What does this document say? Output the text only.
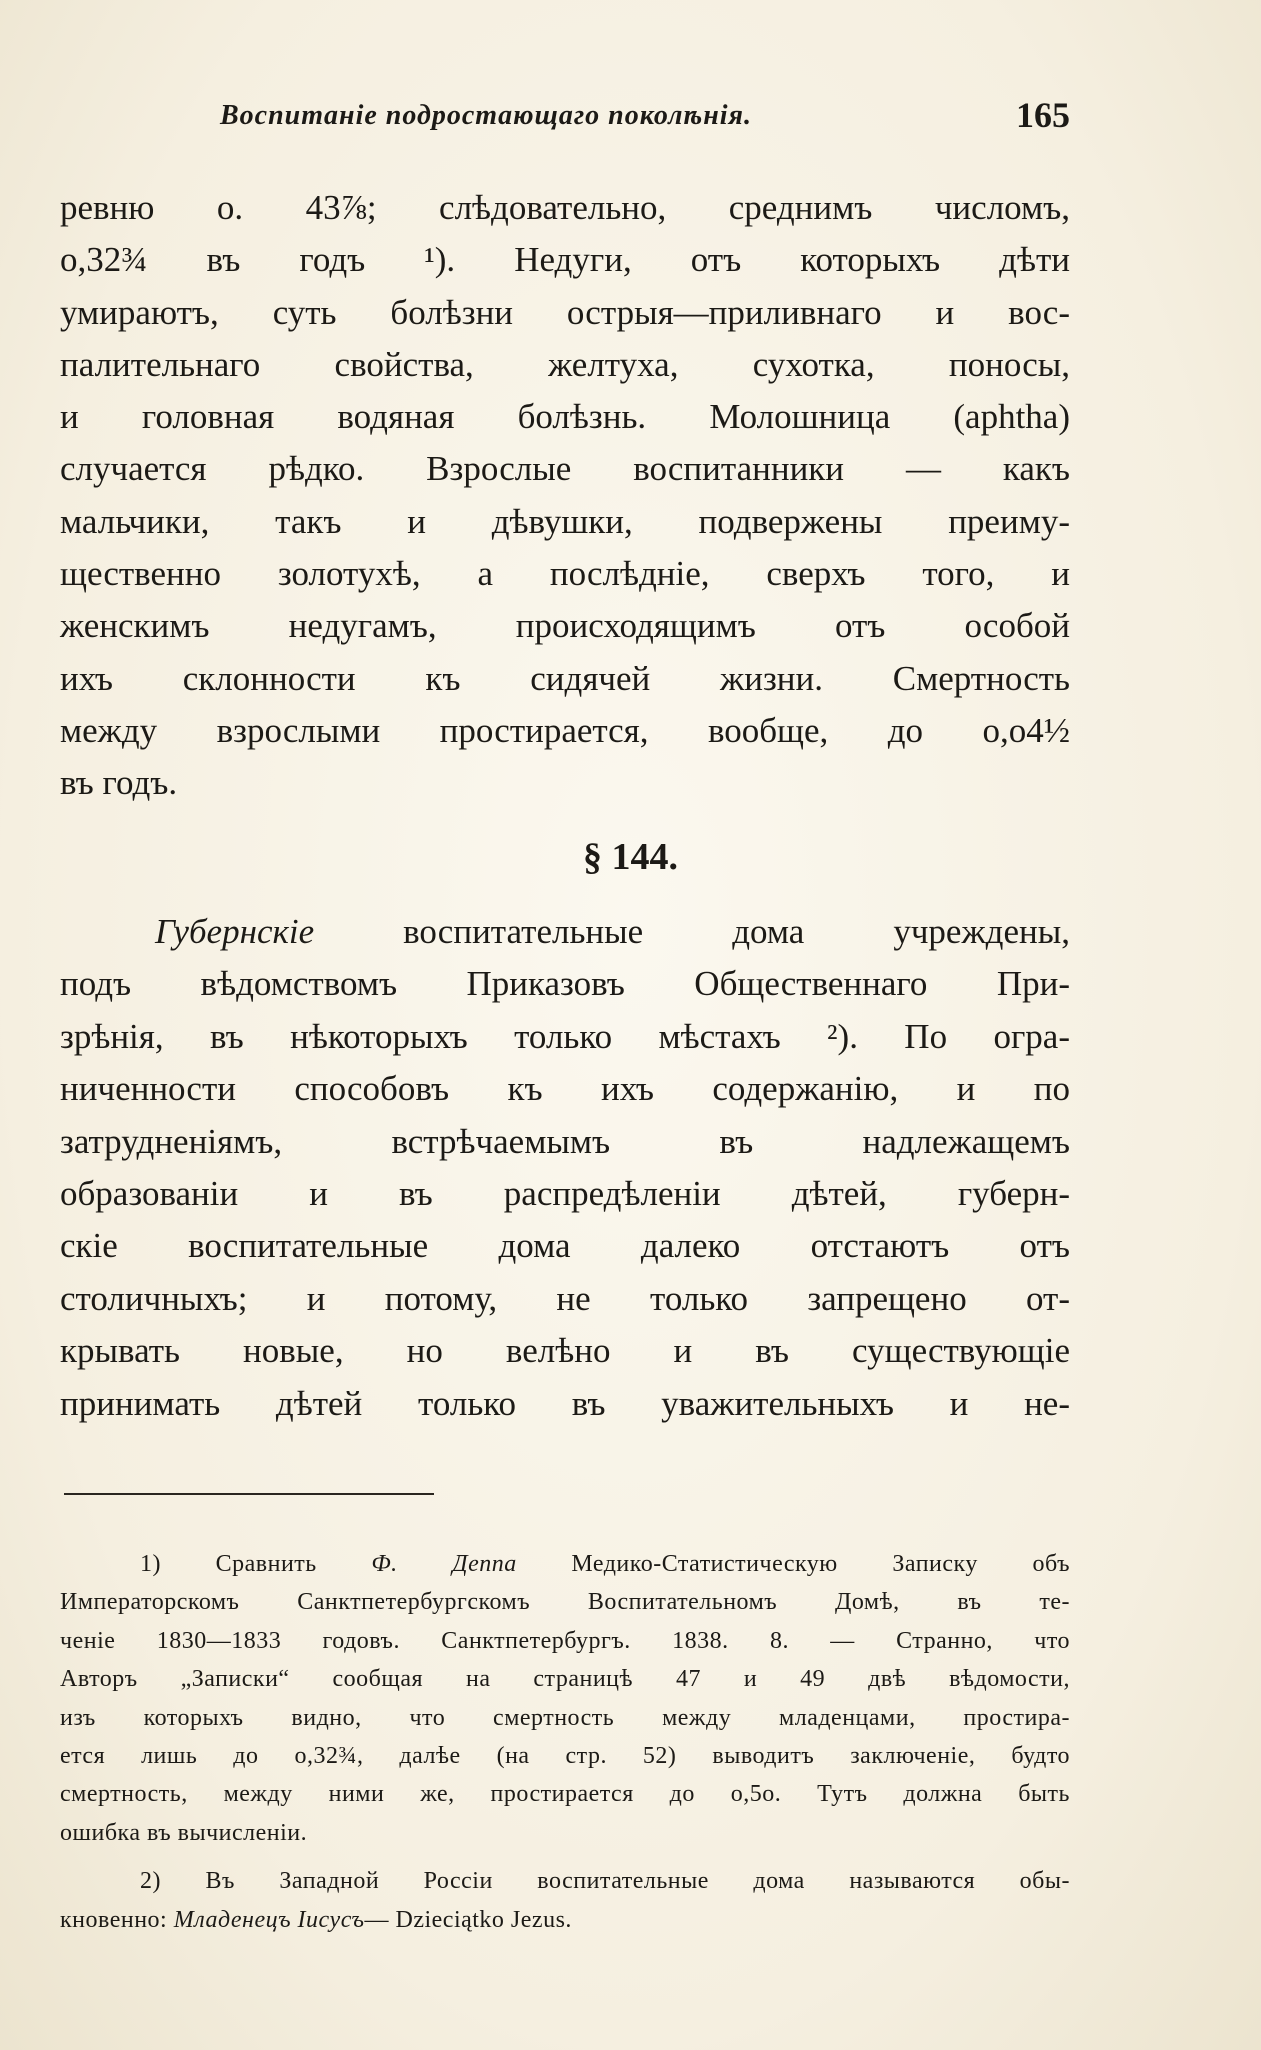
Воспитаніе подростающаго поколѣнія.	165
ревню о. 43⅞; слѣдовательно, среднимъ числомъ,
о,32¾ въ годъ ¹). Недуги, отъ которыхъ дѣти
умираютъ, суть болѣзни острыя—приливнаго и вос-
палительнаго свойства, желтуха, сухотка, поносы,
и головная водяная болѣзнь. Молошница (aphtha)
случается рѣдко. Взрослые воспитанники — какъ
мальчики, такъ и дѣвушки, подвержены преиму-
щественно золотухѣ, а послѣдніе, сверхъ того, и
женскимъ недугамъ, происходящимъ отъ особой
ихъ склонности къ сидячей жизни. Смертность
между взрослыми простирается, вообще, до о,о4½
въ годъ.
§ 144.
Губернскіе	воспитательные дома учреждены,
подъ вѣдомствомъ Приказовъ Общественнаго При-
зрѣнія, въ нѣкоторыхъ только мѣстахъ ²). По огра-
ниченности способовъ къ ихъ содержанію, и по
затрудненіямъ, встрѣчаемымъ въ надлежащемъ
образованіи и въ распредѣленіи дѣтей, губерн-
скіе воспитательные дома далеко отстаютъ отъ
столичныхъ; и потому, не только запрещено от-
крывать новые, но велѣно и въ существующіе
принимать дѣтей только въ уважительныхъ и не-
1) Сравнить Ф. Деппа Медико-Статистическую Записку объ
Императорскомъ Санктпетербургскомъ Воспитательномъ Домѣ, въ те-
ченіе 1830—1833 годовъ. Санктпетербургъ. 1838. 8. — Странно, что
Авторъ „Записки“ сообщая на страницѣ 47 и 49 двѣ вѣдомости,
изъ которыхъ видно, что смертность между младенцами, простира-
ется лишь до о,32¾, далѣе (на стр. 52) выводитъ заключеніе, будто
смертность, между ними же, простирается до о,5о. Тутъ должна быть
ошибка въ вычисленіи.
2) Въ Западной Россіи воспитательные дома называются обы-
кновенно: Младенецъ Iисусъ— Dzieciątko Jezus.
